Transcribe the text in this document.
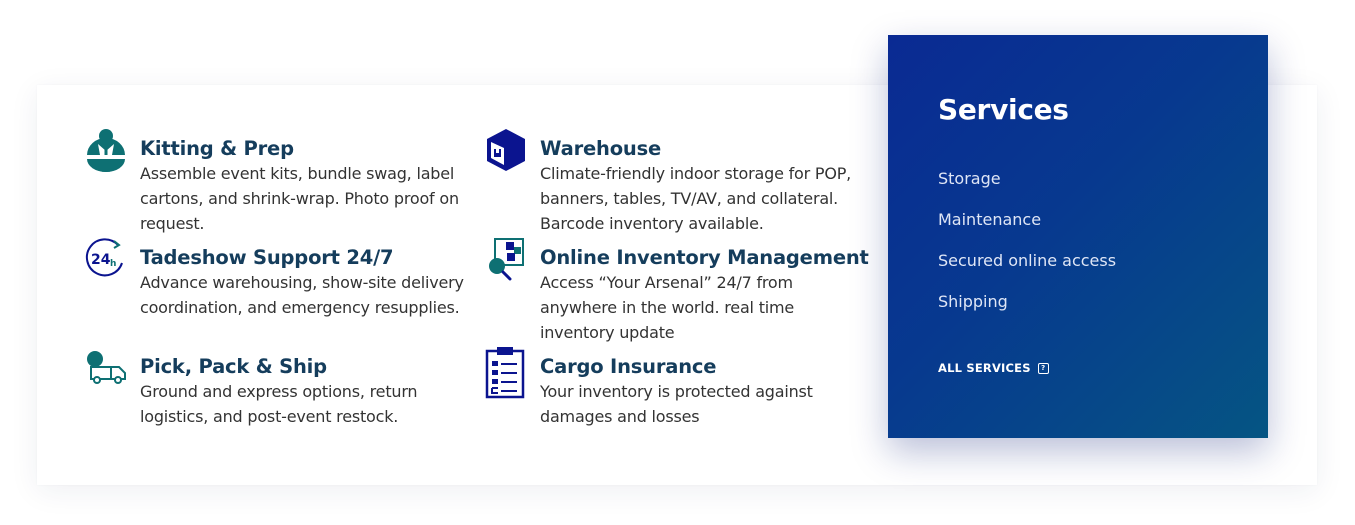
Kitting & Prep

Assemble event kits, bundle swag, label cartons, and shrink-wrap. Photo proof on request.

24 h Tadeshow Support 24/7

Advance warehousing, show-site delivery coordination, and emergency resupplies.

Pick, Pack & Ship

Ground and express options, return logistics, and post-event restock.

Warehouse

Climate-friendly indoor storage for POP, banners, tables, TV/AV, and collateral. Barcode inventory available.

Online Inventory Management

Access “Your Arsenal” 24/7 from anywhere in the world. real time inventory update

Cargo Insurance

Your inventory is protected against damages and losses

Services
Storage
Maintenance
Secured online access
Shipping
ALL SERVICES	?
